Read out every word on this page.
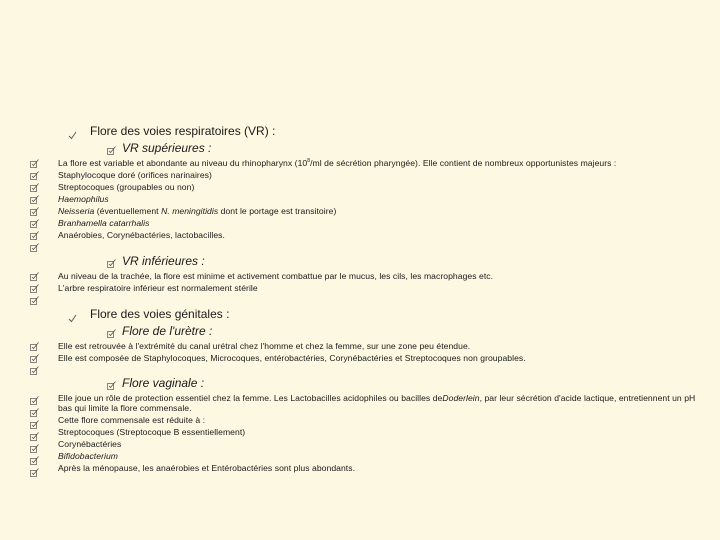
Flore des voies respiratoires (VR) :
VR supérieures :
La flore est variable et abondante au niveau du rhinopharynx ($10^8/ml$ de sécrétion pharyngée). Elle contient de nombreux opportunistes majeurs :
Staphylocoque doré (orifices narinaires)
Streptocoques (groupables ou non)
Haemophilus
Neisseria (éventuellement N. meningitidis dont le portage est transitoire)
Branhamella catarrhalis
Anaérobies, Corynébactéries, lactobacilles.
VR inférieures :
Au niveau de la trachée, la flore est minime et activement combattue par le mucus, les cils, les macrophages etc.
L'arbre respiratoire inférieur est normalement stérile
Flore des voies génitales :
Flore de l'urètre :
Elle est retrouvée à l'extrémité du canal urétral chez l'homme et chez la femme, sur une zone peu étendue.
Elle est composée de Staphylocoques, Microcoques, entérobactéries, Corynébactéries et Streptocoques non groupables.
Flore vaginale :
Elle joue un rôle de protection essentiel chez la femme. Les Lactobacilles acidophiles ou bacilles deDoderlein, par leur sécrétion d'acide lactique, entretiennent un pH bas qui limite la flore commensale.
Cette flore commensale est réduite à :
Streptocoques (Streptocoque B essentiellement)
Corynébactéries
Bifidobacterium
Après la ménopause, les anaérobies et Entérobactéries sont plus abondants.
